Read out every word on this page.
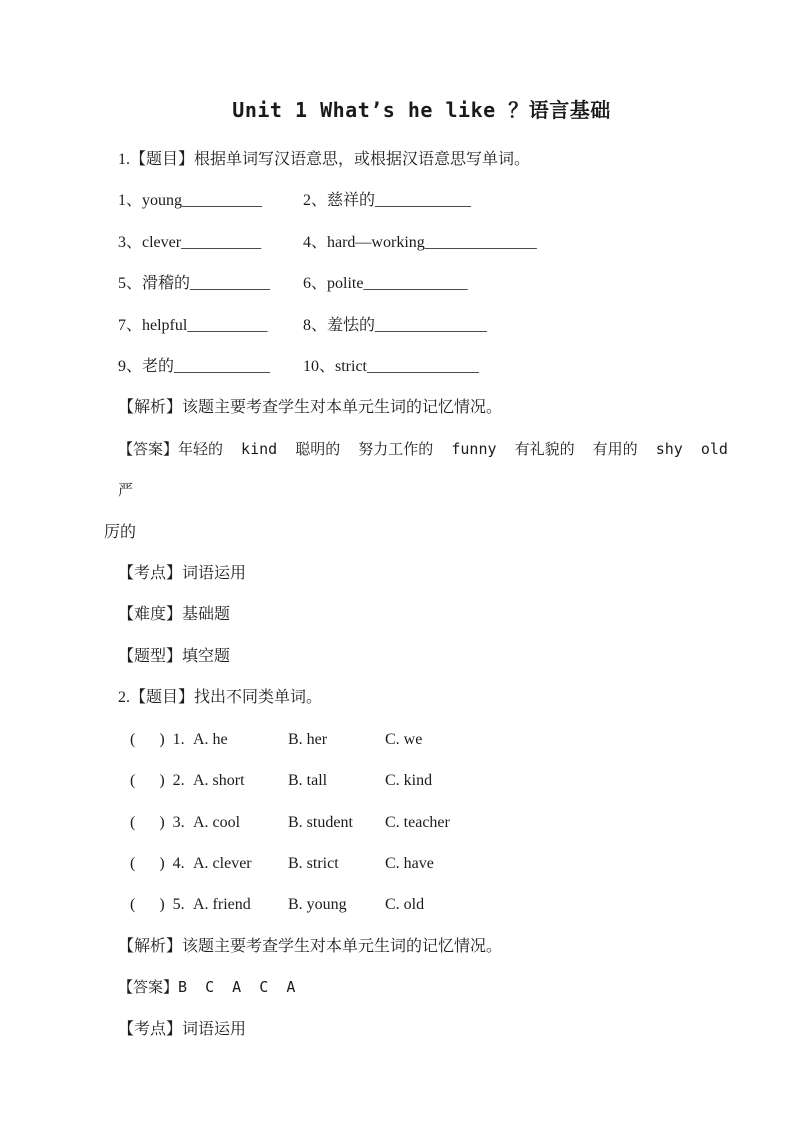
Unit 1 What’s he like ？语言基础

1.【题目】根据单词写汉语意思，或根据汉语意思写单词。

1、young__________	2、慈祥的____________
3、clever__________	4、hard—working______________
5、滑稽的__________	6、polite_____________
7、helpful__________	8、羞怯的______________
9、老的____________	10、strict______________

【解析】该题主要考查学生对本单元生词的记忆情况。

【答案】年轻的  kind  聪明的  努力工作的  funny  有礼貌的  有用的  shy  old  严

厉的

【考点】词语运用

【难度】基础题

【题型】填空题

2.【题目】找出不同类单词。

(      )  1. A. he	B. her	C. we
(      )  2. A. short	B. tall	C. kind
(      )  3. A. cool	B. student	C. teacher
(      )  4. A. clever	B. strict	C. have
(      )  5. A. friend	B. young	C. old

【解析】该题主要考查学生对本单元生词的记忆情况。

【答案】B  C  A  C  A

【考点】词语运用
